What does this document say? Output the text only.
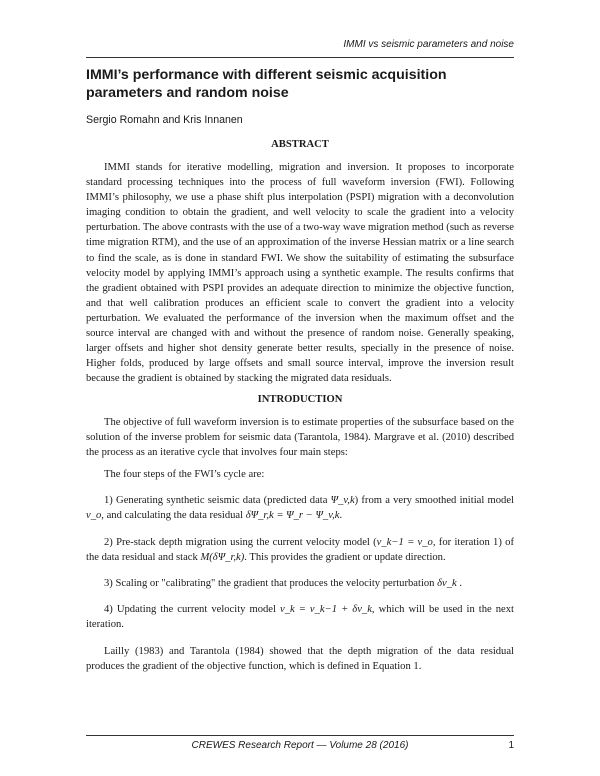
IMMI vs seismic parameters and noise
IMMI’s performance with different seismic acquisition parameters and random noise
Sergio Romahn and Kris Innanen
ABSTRACT

IMMI stands for iterative modelling, migration and inversion. It proposes to incorporate standard processing techniques into the process of full waveform inversion (FWI). Following IMMI’s philosophy, we use a phase shift plus interpolation (PSPI) migration with a deconvolution imaging condition to obtain the gradient, and well velocity to scale the gradient into a velocity perturbation. The above contrasts with the use of a two-way wave migration method (such as reverse time migration RTM), and the use of an approximation of the inverse Hessian matrix or a line search to find the scale, as is done in standard FWI. We show the suitability of estimating the subsurface velocity model by applying IMMI’s approach using a synthetic example. The results confirms that the gradient obtained with PSPI provides an adequate direction to minimize the objective function, and that well calibration produces an efficient scale to convert the gradient into a velocity perturbation. We evaluated the performance of the inversion when the maximum offset and the source interval are changed with and without the presence of random noise. Generally speaking, larger offsets and higher shot density generate better results, specially in the presence of noise. Higher folds, produced by large offsets and small source interval, improve the inversion result because the gradient is obtained by stacking the migrated data residuals.

INTRODUCTION

The objective of full waveform inversion is to estimate properties of the subsurface based on the solution of the inverse problem for seismic data (Tarantola, 1984). Margrave et al. (2010) described the process as an iterative cycle that involves four main steps:

The four steps of the FWI’s cycle are:

1) Generating synthetic seismic data (predicted data Ψ_v,k) from a very smoothed initial model v_o, and calculating the data residual δΨ_r,k = Ψ_r − Ψ_v,k.

2) Pre-stack depth migration using the current velocity model (v_k−1 = v_o, for iteration 1) of the data residual and stack M(δΨ_r,k). This provides the gradient or update direction.

3) Scaling or "calibrating" the gradient that produces the velocity perturbation δv_k .

4) Updating the current velocity model v_k = v_k−1 + δv_k, which will be used in the next iteration.

Lailly (1983) and Tarantola (1984) showed that the depth migration of the data residual produces the gradient of the objective function, which is defined in Equation 1.

CREWES Research Report — Volume 28 (2016)	1
